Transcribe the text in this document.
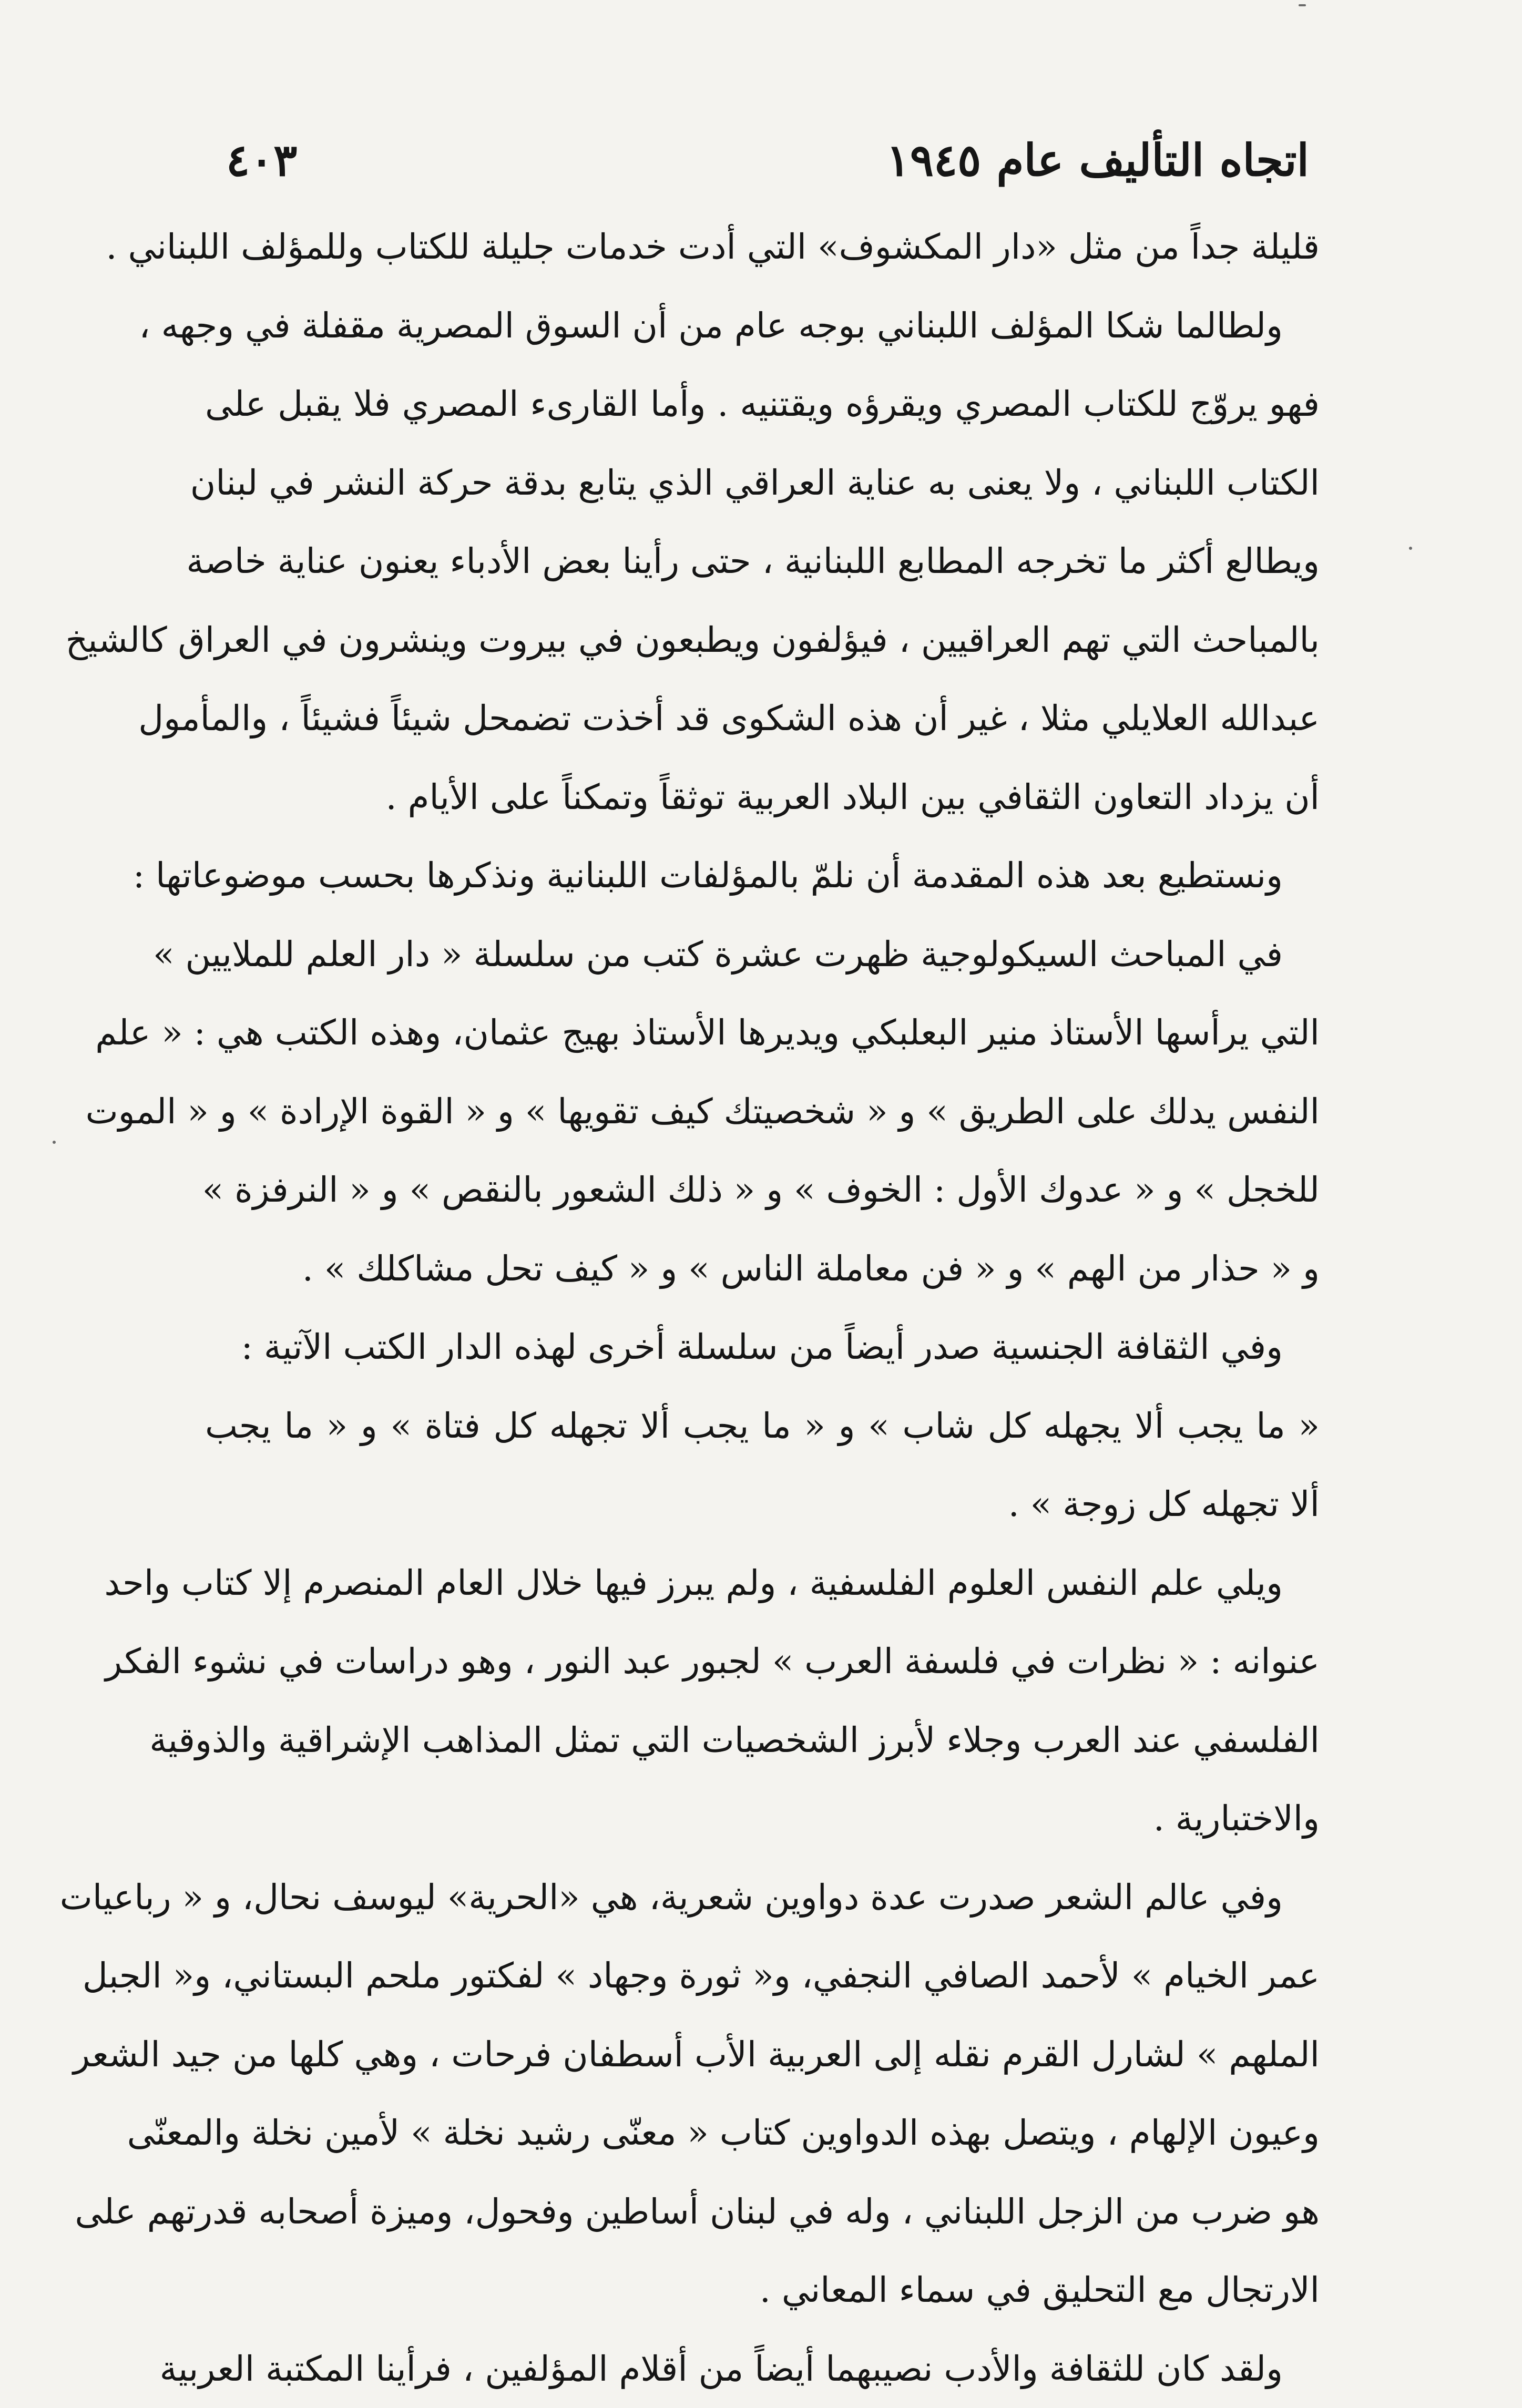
اتجاه التأليف عام ١٩٤٥
٤٠٣
قليلة جداً من مثل «دار المكشوف» التي أدت خدمات جليلة للكتاب وللمؤلف اللبناني .
ولطالما شكا المؤلف اللبناني بوجه عام من أن السوق المصرية مقفلة في وجهه ،
فهو يروّج للكتاب المصري ويقرؤه ويقتنيه . وأما القارىء المصري فلا يقبل على
الكتاب اللبناني ، ولا يعنى به عناية العراقي الذي يتابع بدقة حركة النشر في لبنان
ويطالع أكثر ما تخرجه المطابع اللبنانية ، حتى رأينا بعض الأدباء يعنون عناية خاصة
بالمباحث التي تهم العراقيين ، فيؤلفون ويطبعون في بيروت وينشرون في العراق كالشيخ
عبدالله العلايلي مثلا ، غير أن هذه الشكوى قد أخذت تضمحل شيئاً فشيئاً ، والمأمول
أن يزداد التعاون الثقافي بين البلاد العربية توثقاً وتمكناً على الأيام .
ونستطيع بعد هذه المقدمة أن نلمّ بالمؤلفات اللبنانية ونذكرها بحسب موضوعاتها :
في المباحث السيكولوجية ظهرت عشرة كتب من سلسلة « دار العلم للملايين »
التي يرأسها الأستاذ منير البعلبكي ويديرها الأستاذ بهيج عثمان، وهذه الكتب هي : « علم
النفس يدلك على الطريق » و « شخصيتك كيف تقويها » و « القوة الإرادة » و « الموت
للخجل » و « عدوك الأول : الخوف » و « ذلك الشعور بالنقص » و « النرفزة »
و « حذار من الهم » و « فن معاملة الناس » و « كيف تحل مشاكلك » .
وفي الثقافة الجنسية صدر أيضاً من سلسلة أخرى لهذه الدار الكتب الآتية :
« ما يجب ألا يجهله كل شاب » و « ما يجب ألا تجهله كل فتاة » و « ما يجب
ألا تجهله كل زوجة » .
ويلي علم النفس العلوم الفلسفية ، ولم يبرز فيها خلال العام المنصرم إلا كتاب واحد
عنوانه : « نظرات في فلسفة العرب » لجبور عبد النور ، وهو دراسات في نشوء الفكر
الفلسفي عند العرب وجلاء لأبرز الشخصيات التي تمثل المذاهب الإشراقية والذوقية
والاختبارية .
وفي عالم الشعر صدرت عدة دواوين شعرية، هي «الحرية» ليوسف نحال، و « رباعيات
عمر الخيام » لأحمد الصافي النجفي، و« ثورة وجهاد » لفكتور ملحم البستاني، و« الجبل
الملهم » لشارل القرم نقله إلى العربية الأب أسطفان فرحات ، وهي كلها من جيد الشعر
وعيون الإلهام ، ويتصل بهذه الدواوين كتاب « معنّى رشيد نخلة » لأمين نخلة والمعنّى
هو ضرب من الزجل اللبناني ، وله في لبنان أساطين وفحول، وميزة أصحابه قدرتهم على
الارتجال مع التحليق في سماء المعاني .
ولقد كان للثقافة والأدب نصيبهما أيضاً من أقلام المؤلفين ، فرأينا المكتبة العربية
